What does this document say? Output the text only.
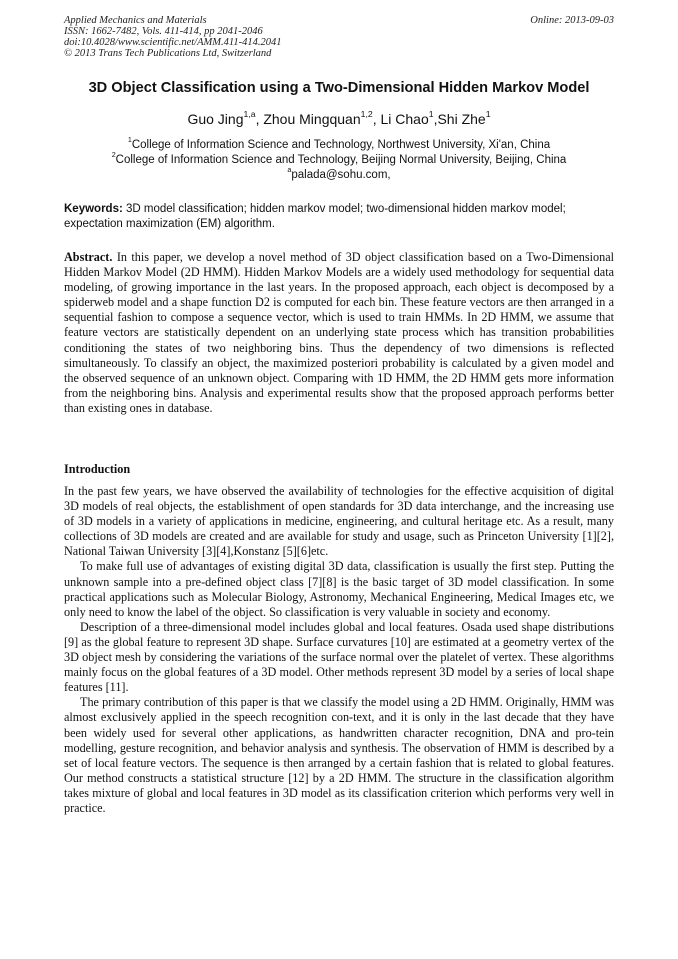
Applied Mechanics and Materials
ISSN: 1662-7482, Vols. 411-414, pp 2041-2046
doi:10.4028/www.scientific.net/AMM.411-414.2041
© 2013 Trans Tech Publications Ltd, Switzerland
Online: 2013-09-03
3D Object Classification using a Two-Dimensional Hidden Markov Model
Guo Jing$^{1,a}$, Zhou Mingquan$^{1,2}$, Li Chao$^1$,Shi Zhe$^1$
$^1$College of Information Science and Technology, Northwest University, Xi'an, China
$^2$College of Information Science and Technology, Beijing Normal University, Beijing, China
$^a$palada@sohu.com,
Keywords: 3D model classification; hidden markov model; two-dimensional hidden markov model; expectation maximization (EM) algorithm.

Abstract. In this paper, we develop a novel method of 3D object classification based on a Two-Dimensional Hidden Markov Model (2D HMM). Hidden Markov Models are a widely used methodology for sequential data modeling, of growing importance in the last years. In the proposed approach, each object is decomposed by a spiderweb model and a shape function D2 is computed for each bin. These feature vectors are then arranged in a sequential fashion to compose a sequence vector, which is used to train HMMs. In 2D HMM, we assume that feature vectors are statistically dependent on an underlying state process which has transition probabilities conditioning the states of two neighboring bins. Thus the dependency of two dimensions is reflected simultaneously. To classify an object, the maximized posteriori probability is calculated by a given model and the observed sequence of an unknown object. Comparing with 1D HMM, the 2D HMM gets more information from the neighboring bins. Analysis and experimental results show that the proposed approach performs better than existing ones in database.

Introduction

In the past few years, we have observed the availability of technologies for the effective acquisition of digital 3D models of real objects, the establishment of open standards for 3D data interchange, and the increasing use of 3D models in a variety of applications in medicine, engineering, and cultural heritage etc. As a result, many collections of 3D models are created and are available for study and usage, such as Princeton University [1][2], National Taiwan University [3][4],Konstanz [5][6]etc.

To make full use of advantages of existing digital 3D data, classification is usually the first step. Putting the unknown sample into a pre-defined object class [7][8] is the basic target of 3D model classification. In some practical applications such as Molecular Biology, Astronomy, Mechanical Engineering, Medical Images etc, we only need to know the label of the object. So classification is very valuable in society and economy.

Description of a three-dimensional model includes global and local features. Osada used shape distributions [9] as the global feature to represent 3D shape. Surface curvatures [10] are estimated at a geometry vertex of the 3D object mesh by considering the variations of the surface normal over the platelet of vertex. These algorithms mainly focus on the global features of a 3D model. Other methods represent 3D model by a series of local shape features [11].

The primary contribution of this paper is that we classify the model using a 2D HMM. Originally, HMM was almost exclusively applied in the speech recognition con-text, and it is only in the last decade that they have been widely used for several other applications, as handwritten character recognition, DNA and pro-tein modelling, gesture recognition, and behavior analysis and synthesis. The observation of HMM is described by a set of local feature vectors. The sequence is then arranged by a certain fashion that is related to global features. Our method constructs a statistical structure [12] by a 2D HMM. The structure in the classification algorithm takes mixture of global and local features in 3D model as its classification criterion which performs very well in practice.
